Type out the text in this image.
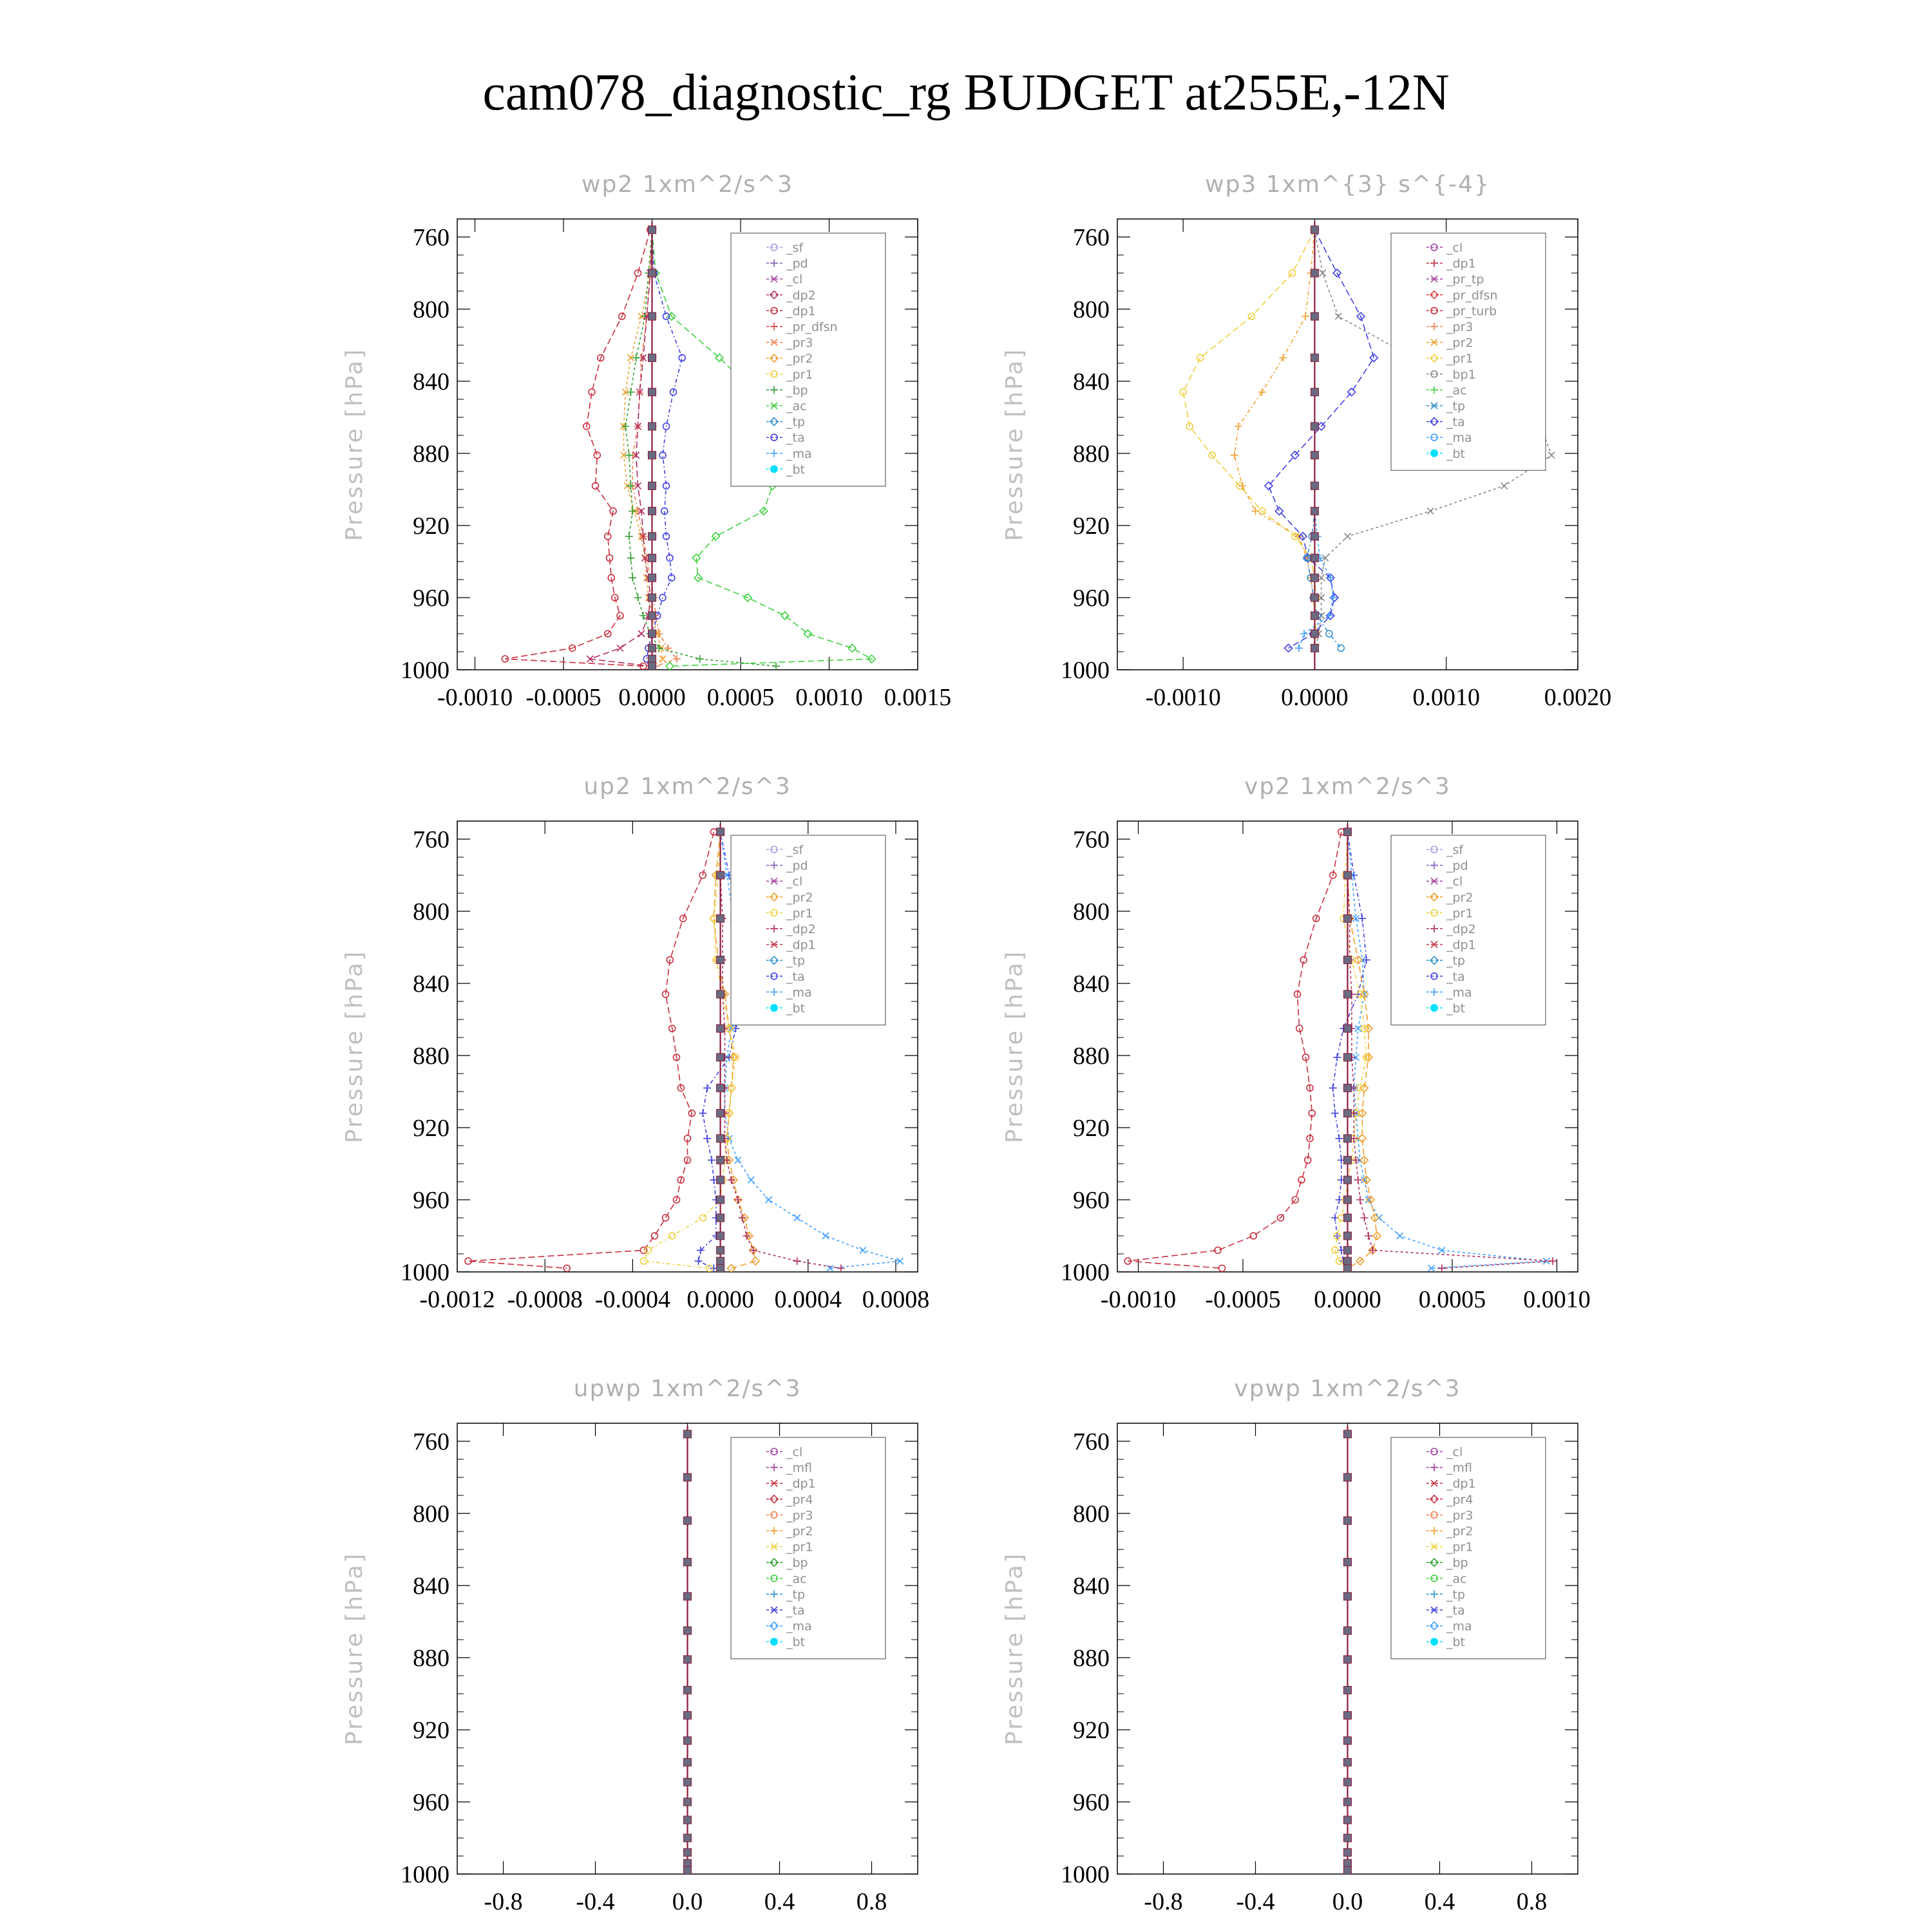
cam078_diagnostic_rg BUDGET at255E,-12N
760
800
840
880
920
960
1000
-0.0010 -0.0005 0.0000 0.0005 0.0010 0.0015
wp2 1xm^2/s^3
Pressure [hPa]
_sf
_pd
_cl
_dp2
_dp1
_pr_dfsn
_pr3
_pr2
_pr1
_bp
_ac
_tp
_ta
_ma
_bt
760
800
840
880
920
960
1000
-0.0010 0.0000	0.0010	0.0020
wp3 1xm^{3} s^{-4}
Pressure [hPa]
_cl
_dp1
_pr_tp
_pr_dfsn
_pr_turb
_pr3
_pr2
_pr1
_bp1
_ac
_tp
_ta
_ma
_bt
760
800
840
880
920
960
1000
-0.0012 -0.0008 -0.0004 0.0000 0.0004 0.0008
up2 1xm^2/s^3
Pressure [hPa]
_sf
_pd
_cl
_pr2
_pr1
_dp2
_dp1
_tp
_ta
_ma
_bt
760
800
840
880
920
960
1000
-0.0010 -0.0005 0.0000 0.0005 0.0010
vp2 1xm^2/s^3
Pressure [hPa]
_sf
_pd
_cl
_pr2
_pr1
_dp2
_dp1
_tp
_ta
_ma
_bt
760
800
840
880
920
960
1000
-0.8 -0.4 0.0	0.4	0.8
upwp 1xm^2/s^3
Pressure [hPa]
_cl
_mfl
_dp1
_pr4
_pr3
_pr2
_pr1
_bp
_ac
_tp
_ta
_ma
_bt
760
800
840
880
920
960
1000
-0.8 -0.4 0.0	0.4	0.8
vpwp 1xm^2/s^3
Pressure [hPa]
_cl
_mfl
_dp1
_pr4
_pr3
_pr2
_pr1
_bp
_ac
_tp
_ta
_ma
_bt
